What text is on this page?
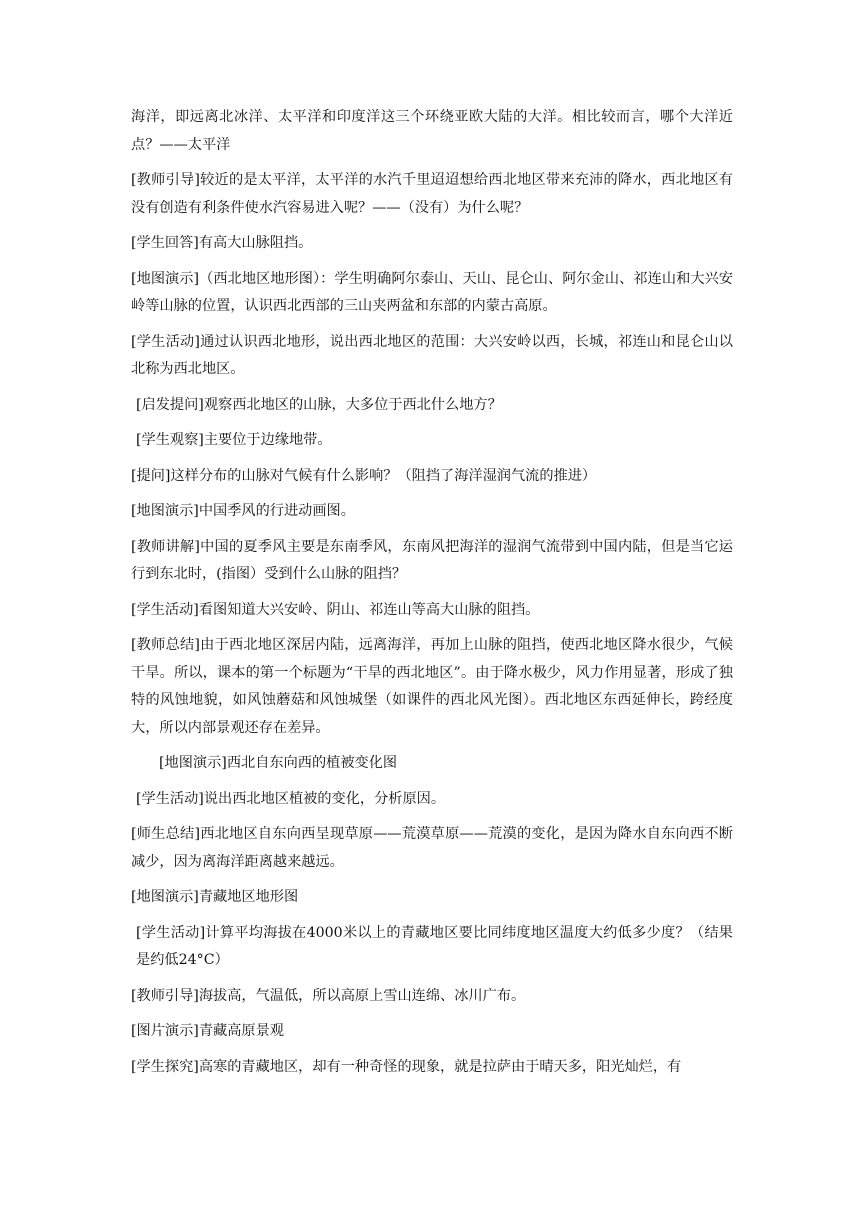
海洋，即远离北冰洋、太平洋和印度洋这三个环绕亚欧大陆的大洋。相比较而言，哪个大洋近点？——太平洋

[教师引导]较近的是太平洋，太平洋的水汽千里迢迢想给西北地区带来充沛的降水，西北地区有没有创造有利条件使水汽容易进入呢？——（没有）为什么呢？

[学生回答]有高大山脉阻挡。

[地图演示]（西北地区地形图）：学生明确阿尔泰山、天山、昆仑山、阿尔金山、祁连山和大兴安岭等山脉的位置，认识西北西部的三山夹两盆和东部的内蒙古高原。

[学生活动]通过认识西北地形，说出西北地区的范围：大兴安岭以西，长城，祁连山和昆仑山以北称为西北地区。

[启发提问]观察西北地区的山脉，大多位于西北什么地方？

[学生观察]主要位于边缘地带。

[提问]这样分布的山脉对气候有什么影响？（阻挡了海洋湿润气流的推进）

[地图演示]中国季风的行进动画图。

[教师讲解]中国的夏季风主要是东南季风，东南风把海洋的湿润气流带到中国内陆，但是当它运行到东北时，(指图）受到什么山脉的阻挡？

[学生活动]看图知道大兴安岭、阴山、祁连山等高大山脉的阻挡。

[教师总结]由于西北地区深居内陆，远离海洋，再加上山脉的阻挡，使西北地区降水很少，气候干旱。所以，课本的第一个标题为“干旱的西北地区”。由于降水极少，风力作用显著，形成了独特的风蚀地貌，如风蚀蘑菇和风蚀城堡（如课件的西北风光图）。西北地区东西延伸长，跨经度大，所以内部景观还存在差异。

[地图演示]西北自东向西的植被变化图

[学生活动]说出西北地区植被的变化，分析原因。

[师生总结]西北地区自东向西呈现草原——荒漠草原——荒漠的变化，是因为降水自东向西不断减少，因为离海洋距离越来越远。

[地图演示]青藏地区地形图

[学生活动]计算平均海拔在4000米以上的青藏地区要比同纬度地区温度大约低多少度？（结果是约低24°C）

[教师引导]海拔高，气温低，所以高原上雪山连绵、冰川广布。

[图片演示]青藏高原景观

[学生探究]高寒的青藏地区，却有一种奇怪的现象，就是拉萨由于晴天多，阳光灿烂，有
